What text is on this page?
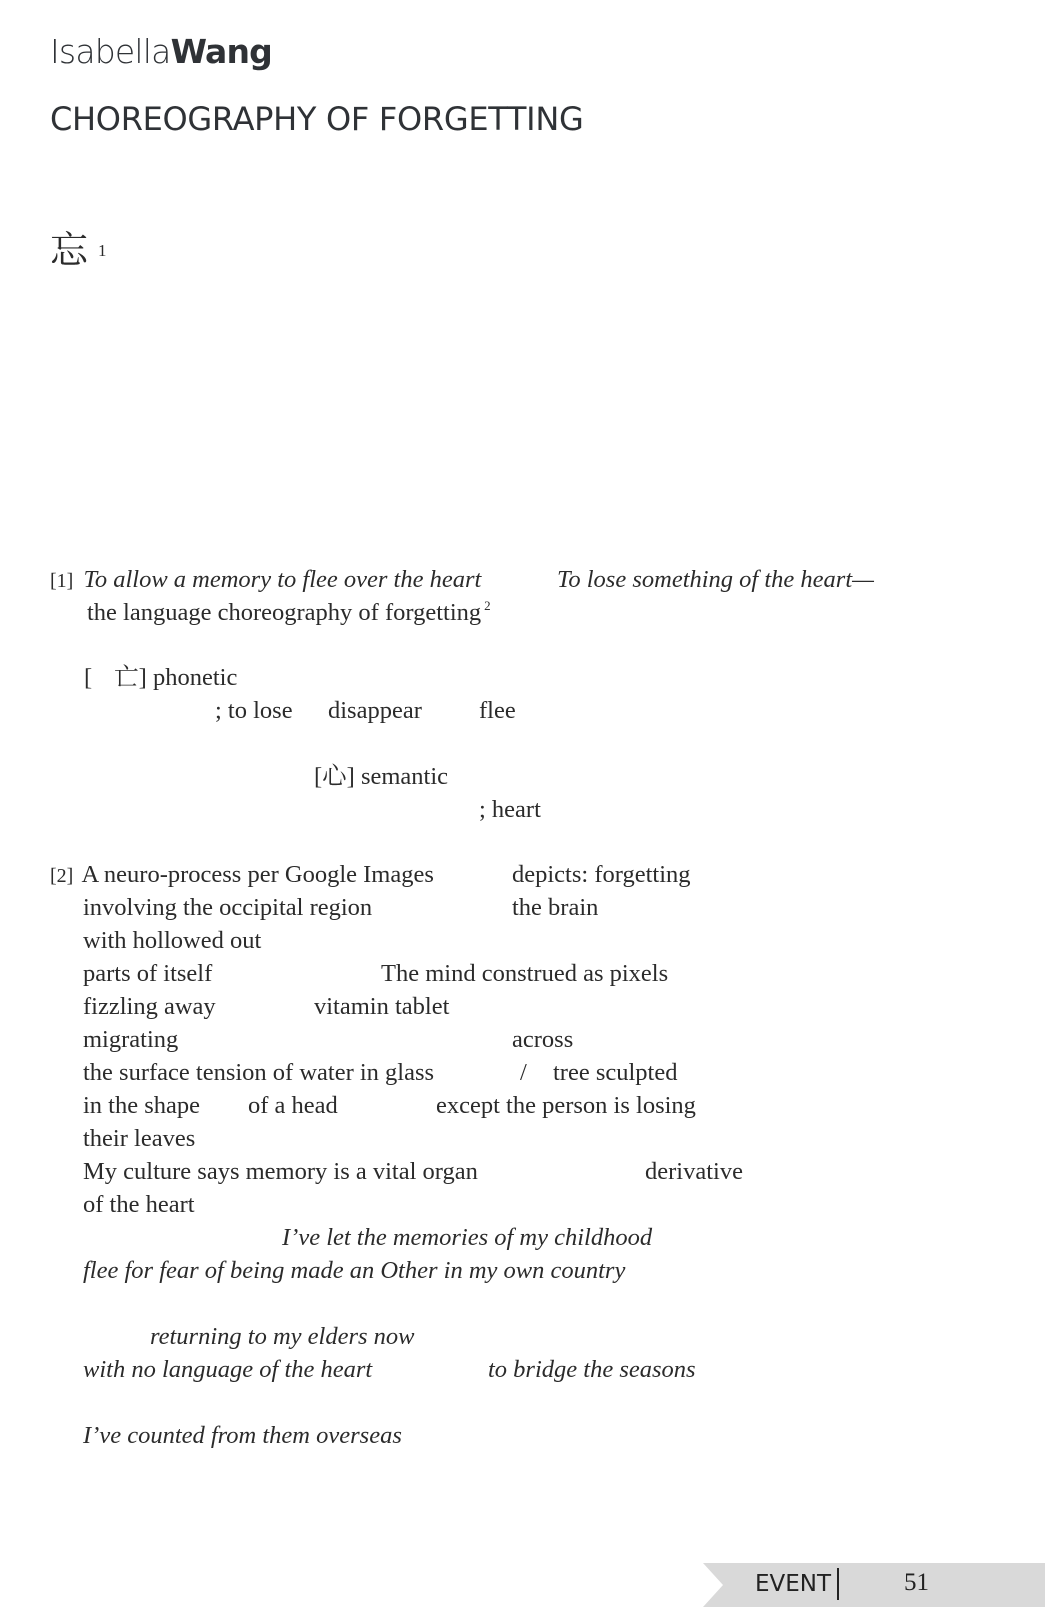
IsabellaWang
CHOREOGRAPHY OF FORGETTING
忘 1
[1] To allow a memory to flee over the heart	To lose something of the heart—
the language choreography of forgetting $^2$
[ 亡] phonetic
; to lose disappear flee
[心] semantic
; heart
[2] A neuro-process per Google Images	depicts: forgetting
involving the occipital region	the brain
with hollowed out
parts of itself	The mind construed as pixels
fizzling away	vitamin tablet
migrating	across
the surface tension of water in glass	/ tree sculpted
in the shape of a head	except the person is losing
their leaves
My culture says memory is a vital organ	derivative
of the heart
I’ve let the memories of my childhood
flee for fear of being made an Other in my own country
returning to my elders now
with no language of the heart	to bridge the seasons
I’ve counted from them overseas
EVENT	51
